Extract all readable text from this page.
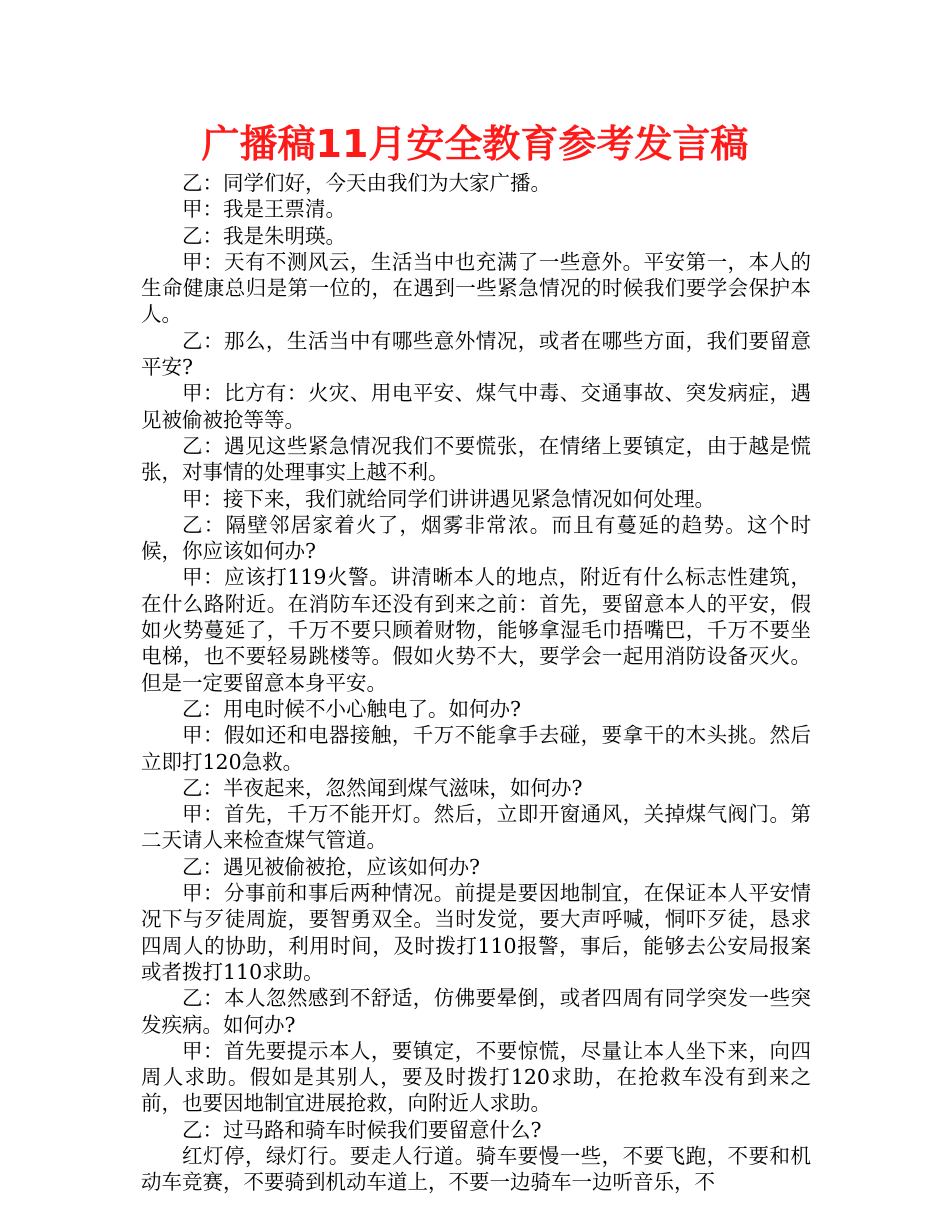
广播稿11月安全教育参考发言稿

乙：同学们好，今天由我们为大家广播。

甲：我是王票清。

乙：我是朱明瑛。

甲：天有不测风云，生活当中也充满了一些意外。平安第一，本人的生命健康总归是第一位的，在遇到一些紧急情况的时候我们要学会保护本人。

乙：那么，生活当中有哪些意外情况，或者在哪些方面，我们要留意平安?

甲：比方有：火灾、用电平安、煤气中毒、交通事故、突发病症，遇见被偷被抢等等。

乙：遇见这些紧急情况我们不要慌张，在情绪上要镇定，由于越是慌张，对事情的处理事实上越不利。

甲：接下来，我们就给同学们讲讲遇见紧急情况如何处理。

乙：隔壁邻居家着火了，烟雾非常浓。而且有蔓延的趋势。这个时候，你应该如何办?

甲：应该打119火警。讲清晰本人的地点，附近有什么标志性建筑，在什么路附近。在消防车还没有到来之前：首先，要留意本人的平安，假如火势蔓延了，千万不要只顾着财物，能够拿湿毛巾捂嘴巴，千万不要坐电梯，也不要轻易跳楼等。假如火势不大，要学会一起用消防设备灭火。但是一定要留意本身平安。

乙：用电时候不小心触电了。如何办?

甲：假如还和电器接触，千万不能拿手去碰，要拿干的木头挑。然后立即打120急救。

乙：半夜起来，忽然闻到煤气滋味，如何办?

甲：首先，千万不能开灯。然后，立即开窗通风，关掉煤气阀门。第二天请人来检查煤气管道。

乙：遇见被偷被抢，应该如何办?

甲：分事前和事后两种情况。前提是要因地制宜，在保证本人平安情况下与歹徒周旋，要智勇双全。当时发觉，要大声呼喊，恫吓歹徒，恳求四周人的协助，利用时间，及时拨打110报警，事后，能够去公安局报案或者拨打110求助。

乙：本人忽然感到不舒适，仿佛要晕倒，或者四周有同学突发一些突发疾病。如何办?

甲：首先要提示本人，要镇定，不要惊慌，尽量让本人坐下来，向四周人求助。假如是其别人，要及时拨打120求助，在抢救车没有到来之前，也要因地制宜进展抢救，向附近人求助。

乙：过马路和骑车时候我们要留意什么?

红灯停，绿灯行。要走人行道。骑车要慢一些，不要飞跑，不要和机动车竞赛，不要骑到机动车道上，不要一边骑车一边听音乐，不
